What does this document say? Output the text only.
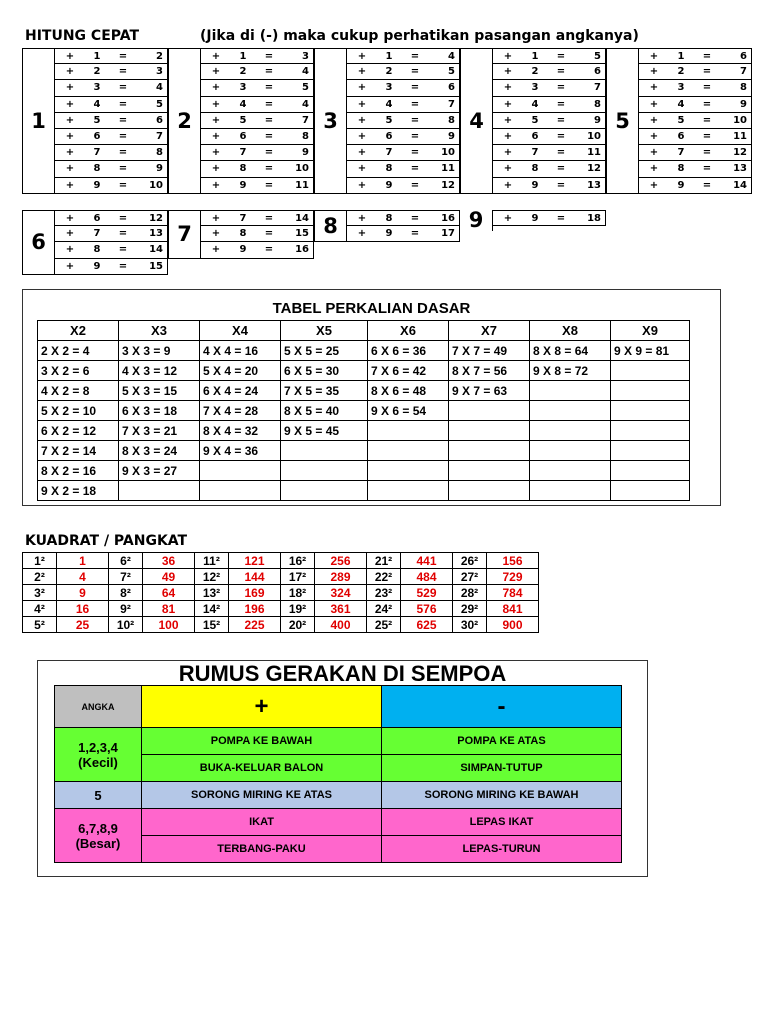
HITUNG CEPAT	(Jika di (-) maka cukup perhatikan pasangan angkanya)
1
+	1	=	2
+	2	=	3
+	3	=	4
+	4	=	5
+	5	=	6
+	6	=	7
+	7	=	8
+	8	=	9
+	9	=	10
2
+	1	=	3
+	2	=	4
+	3	=	5
+	4	=	4
+	5	=	7
+	6	=	8
+	7	=	9
+	8	=	10
+	9	=	11
3
+	1	=	4
+	2	=	5
+	3	=	6
+	4	=	7
+	5	=	8
+	6	=	9
+	7	=	10
+	8	=	11
+	9	=	12
4
+	1	=	5
+	2	=	6
+	3	=	7
+	4	=	8
+	5	=	9
+	6	=	10
+	7	=	11
+	8	=	12
+	9	=	13
5
+	1	=	6
+	2	=	7
+	3	=	8
+	4	=	9
+	5	=	10
+	6	=	11
+	7	=	12
+	8	=	13
+	9	=	14
6
+	6	=	12
+	7	=	13
+	8	=	14
+	9	=	15
7
+	7	=	14
+	8	=	15
+	9	=	16
8	+	8	=	16
+	9	=	17
9	+	9	=	18
TABEL PERKALIAN DASAR
X2	X3	X4	X5	X6	X7	X8	X9
2 X 2 = 4	3 X 3 = 9	4 X 4 = 16	5 X 5 = 25	6 X 6 = 36	7 X 7 = 49	8 X 8 = 64	9 X 9 = 81
3 X 2 = 6	4 X 3 = 12	5 X 4 = 20	6 X 5 = 30	7 X 6 = 42	8 X 7 = 56	9 X 8 = 72	
4 X 2 = 8	5 X 3 = 15	6 X 4 = 24	7 X 5 = 35	8 X 6 = 48	9 X 7 = 63		
5 X 2 = 10	6 X 3 = 18	7 X 4 = 28	8 X 5 = 40	9 X 6 = 54			
6 X 2 = 12	7 X 3 = 21	8 X 4 = 32	9 X 5 = 45				
7 X 2 = 14	8 X 3 = 24	9 X 4 = 36					
8 X 2 = 16	9 X 3 = 27						
9 X 2 = 18							
KUADRAT / PANGKAT
1²	1	6²	36	11²	121	16²	256	21²	441	26²	156
2²	4	7²	49	12²	144	17²	289	22²	484	27²	729
3²	9	8²	64	13²	169	18²	324	23²	529	28²	784
4²	16	9²	81	14²	196	19²	361	24²	576	29²	841
5²	25	10²	100	15²	225	20²	400	25²	625	30²	900
RUMUS GERAKAN DI SEMPOA
ANGKA	+	-

1,2,3,4
(Kecil)	POMPA KE BAWAH	POMPA KE ATAS
	BUKA-KELUAR BALON	SIMPAN-TUTUP
5	SORONG MIRING KE ATAS	SORONG MIRING KE BAWAH

6,7,8,9
(Besar)	IKAT	LEPAS IKAT
	TERBANG-PAKU	LEPAS-TURUN
